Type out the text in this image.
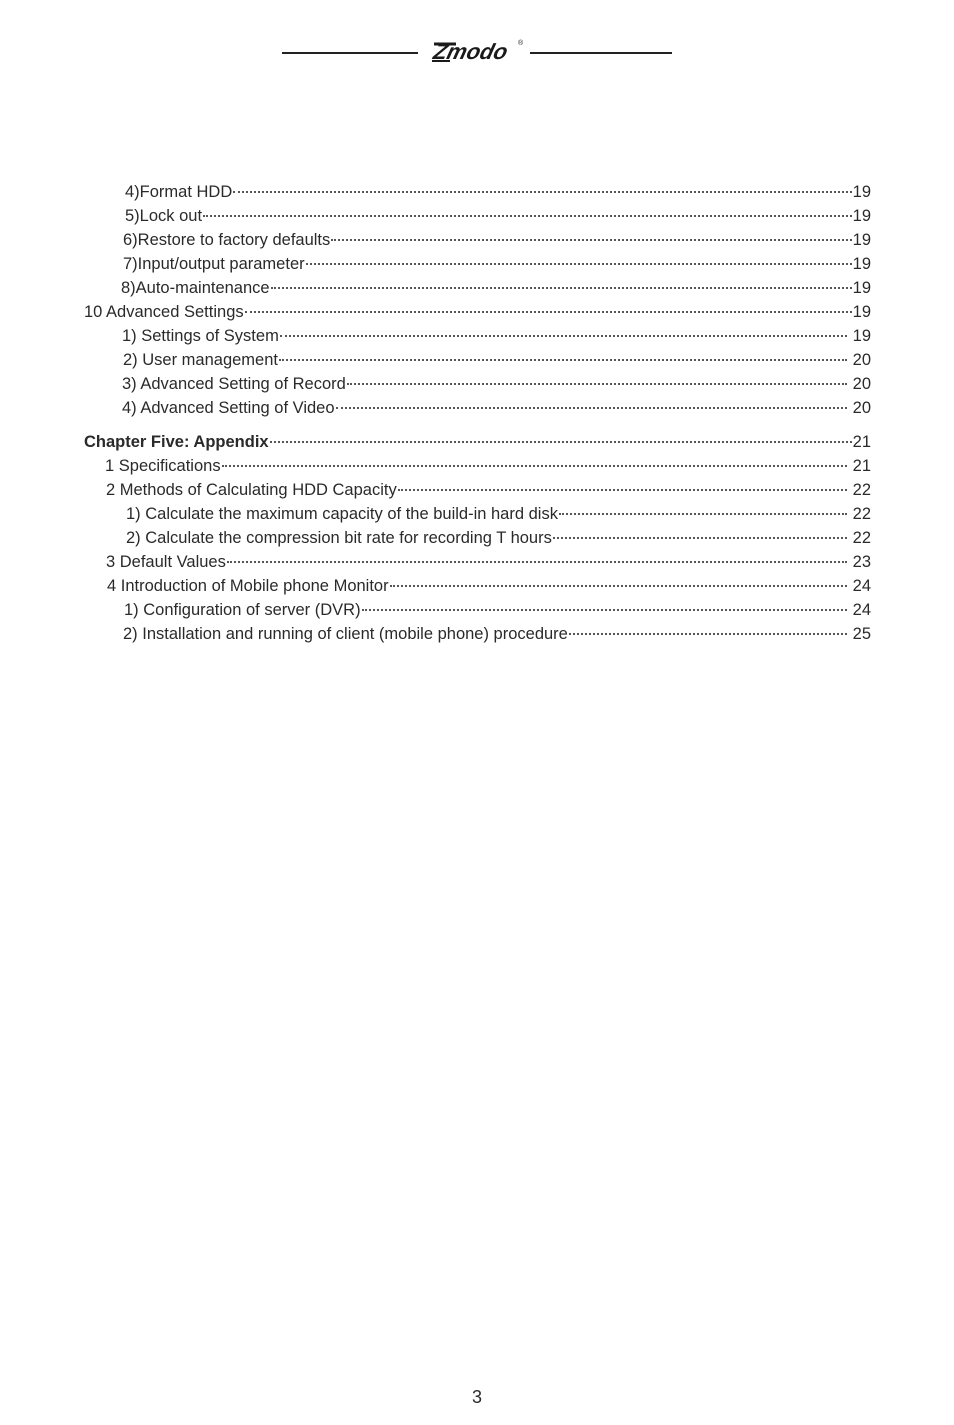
Zmodo ®
4)Format HDD	19
5)Lock out	19
6)Restore to factory defaults	19
7)Input/output parameter	19
8)Auto-maintenance	19
10 Advanced Settings	19
1) Settings of System	19
2) User management	20
3) Advanced Setting of Record	20
4) Advanced Setting of Video	20
Chapter Five: Appendix	21
1 Specifications	21
2 Methods of Calculating HDD Capacity	22
1) Calculate the maximum capacity of the build-in hard disk	22
2) Calculate the compression bit rate for recording T hours	22
3 Default Values	23
4 Introduction of Mobile phone Monitor	24
1) Configuration of server (DVR)	24
2) Installation and running of client (mobile phone) procedure	25
3
